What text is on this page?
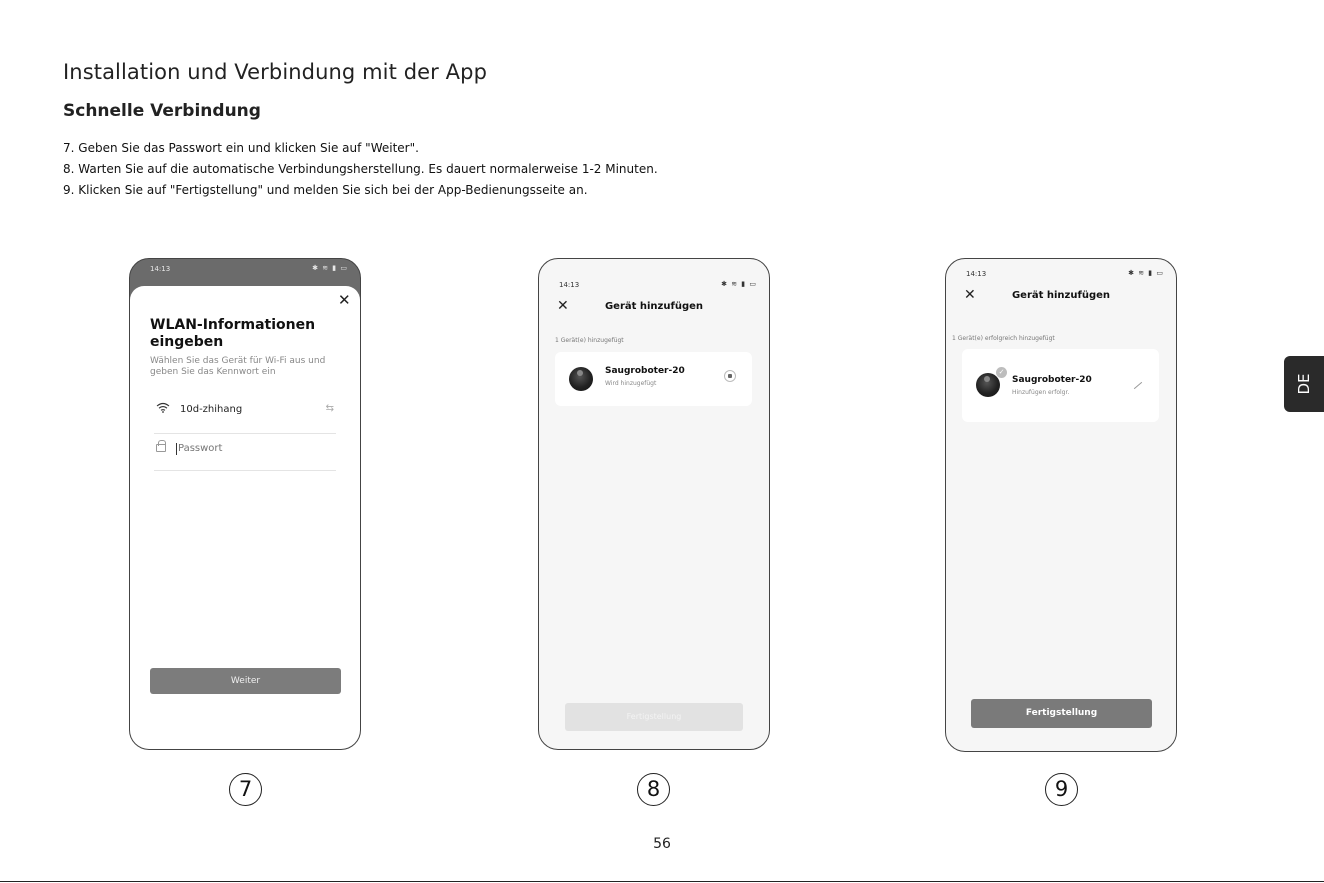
Installation und Verbindung mit der App
Schnelle Verbindung
7. Geben Sie das Passwort ein und klicken Sie auf "Weiter".
8. Warten Sie auf die automatische Verbindungsherstellung. Es dauert normalerweise 1-2 Minuten.
9. Klicken Sie auf "Fertigstellung" und melden Sie sich bei der App-Bedienungsseite an.
14:13	✱ ≋ ▮ ▭
✕
WLAN-Informationen eingeben
Wählen Sie das Gerät für Wi-Fi aus und geben Sie das Kennwort ein
10d-zhihang	⇆
Passwort
Weiter
14:13	✱ ≋ ▮ ▭
✕	Gerät hinzufügen
1 Gerät(e) hinzugefügt
Saugroboter-20
Wird hinzugefügt
Fertigstellung
14:13	✱ ≋ ▮ ▭
✕	Gerät hinzufügen
1 Gerät(e) erfolgreich hinzugefügt
✓
Saugroboter-20
Hinzufügen erfolgr.
Fertigstellung
7	8	9
56
DE
